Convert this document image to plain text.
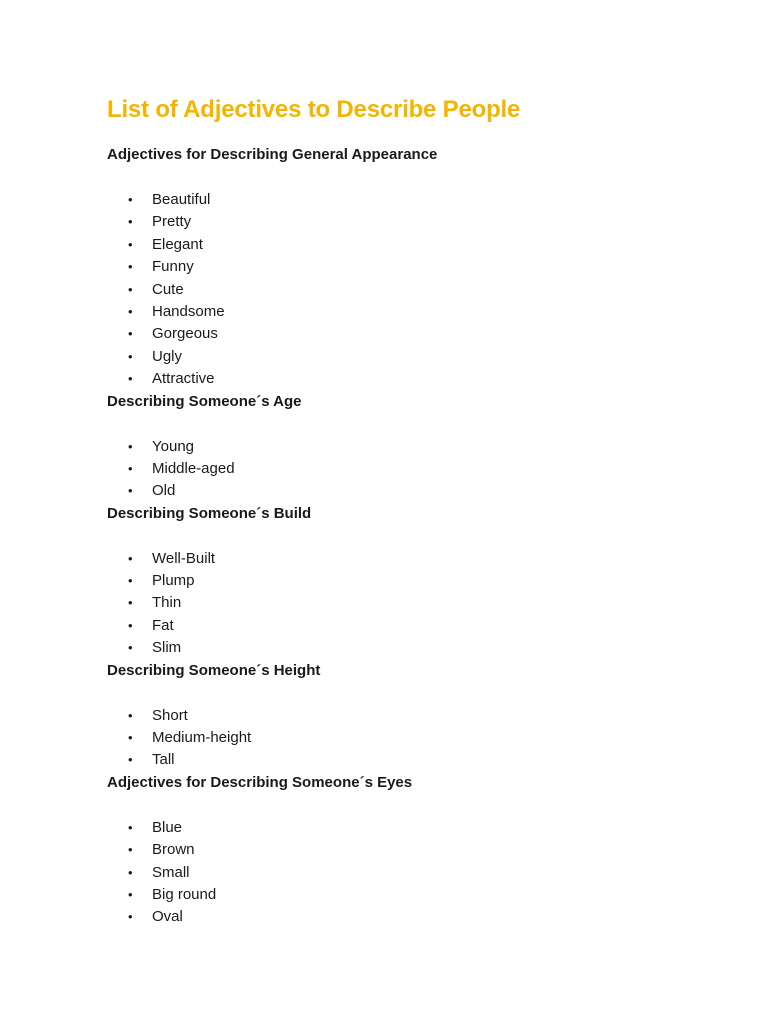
List of Adjectives to Describe People
Adjectives for Describing General Appearance
• Beautiful
• Pretty
• Elegant
• Funny
• Cute
• Handsome
• Gorgeous
• Ugly
• Attractive
Describing Someone´s Age
• Young
• Middle-aged
• Old
Describing Someone´s Build
• Well-Built
• Plump
• Thin
• Fat
• Slim
Describing Someone´s Height
• Short
• Medium-height
• Tall
Adjectives for Describing Someone´s Eyes
• Blue
• Brown
• Small
• Big round
• Oval
